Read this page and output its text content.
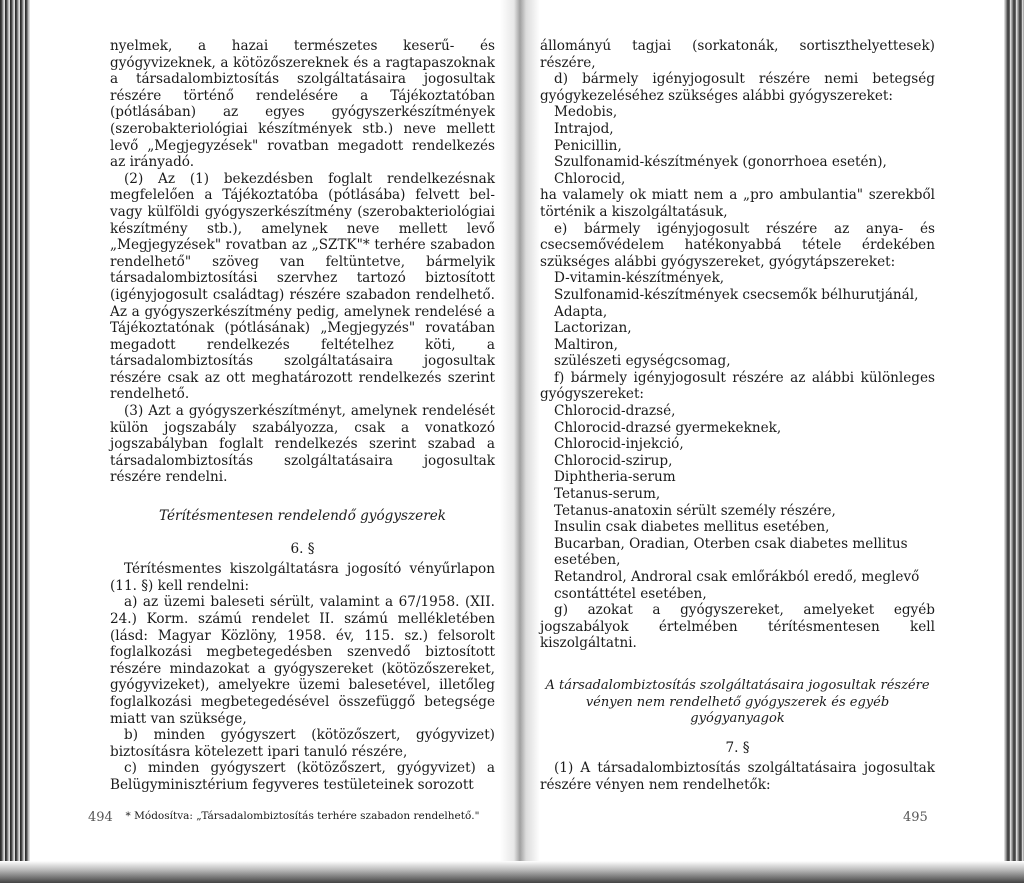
nyelmek, a hazai természetes keserű- és gyógyvizeknek, a kötözőszereknek és a ragtapaszoknak a társadalombiztosítás szolgáltatásaira jogosultak részére történő rendelésére a Tájékoztatóban (pótlásában) az egyes gyógyszerkészítmények (szerobakteriológiai készítmények stb.) neve mellett levő „Megjegyzések" rovatban megadott rendelkezés az irányadó.

(2) Az (1) bekezdésben foglalt rendelkezésnak megfelelően a Tájékoztatóba (pótlásába) felvett bel- vagy külföldi gyógyszerkészítmény (szerobakteriológiai készítmény stb.), amelynek neve mellett levő „Megjegyzések" rovatban az „SZTK"* terhére szabadon rendelhető" szöveg van feltüntetve, bármelyik társadalombiztosítási szervhez tartozó biztosított (igényjogosult családtag) részére szabadon rendelhető. Az a gyógyszerkészítmény pedig, amelynek rendelésé a Tájékoztatónak (pótlásának) „Megjegyzés" rovatában megadott rendelkezés feltételhez köti, a társadalombiztosítás szolgáltatásaira jogosultak részére csak az ott meghatározott rendelkezés szerint rendelhető.

(3) Azt a gyógyszerkészítményt, amelynek rendelését külön jogszabály szabályozza, csak a vonatkozó jogszabályban foglalt rendelkezés szerint szabad a társadalombiztosítás szolgáltatásaira jogosultak részére rendelni.

Térítésmentesen rendelendő gyógyszerek
6. §

Térítésmentes kiszolgáltatásra jogosító vényűrlapon (11. §) kell rendelni:

a) az üzemi baleseti sérült, valamint a 67/1958. (XII. 24.) Korm. számú rendelet II. számú mellékletében (lásd: Magyar Közlöny, 1958. év, 115. sz.) felsorolt foglalkozási megbetegedésben szenvedő biztosított részére mindazokat a gyógyszereket (kötözőszereket, gyógyvizeket), amelyekre üzemi balesetével, illetőleg foglalkozási megbetegedésével összefüggő betegsége miatt van szüksége,

b) minden gyógyszert (kötözőszert, gyógyvizet) biztosításra kötelezett ipari tanuló részére,

c) minden gyógyszert (kötözőszert, gyógyvizet) a Belügyminisztérium fegyveres testületeinek sorozott

* Módosítva: „Társadalombiztosítás terhére szabadon rendelhető."
494

állományú tagjai (sorkatonák, sortiszthelyettesek) részére,

d) bármely igényjogosult részére nemi betegség gyógykezeléséhez szükséges alábbi gyógyszereket:

Medobis,
Intrajod,
Penicillin,
Szulfonamid-készítmények (gonorrhoea esetén),
Chlorocid,

ha valamely ok miatt nem a „pro ambulantia" szerekből történik a kiszolgáltatásuk,

e) bármely igényjogosult részére az anya- és csecsemővédelem hatékonyabbá tétele érdekében szükséges alábbi gyógyszereket, gyógytápszereket:

D-vitamin-készítmények,
Szulfonamid-készítmények csecsemők bélhurutjánál,
Adapta,
Lactorizan,
Maltiron,
szülészeti egységcsomag,

f) bármely igényjogosult részére az alábbi különleges gyógyszereket:

Chlorocid-drazsé,
Chlorocid-drazsé gyermekeknek,
Chlorocid-injekció,
Chlorocid-szirup,
Diphtheria-serum
Tetanus-serum,
Tetanus-anatoxin sérült személy részére,
Insulin csak diabetes mellitus esetében,
Bucarban, Oradian, Oterben csak diabetes mellitus esetében,
Retandrol, Androral csak emlőrákból eredő, meglevő csontáttétel esetében,

g) azokat a gyógyszereket, amelyeket egyéb jogszabályok értelmében térítésmentesen kell kiszolgáltatni.

A társadalombiztosítás szolgáltatásaira jogosultak részére vényen nem rendelhető gyógyszerek és egyéb gyógyanyagok
7. §

(1) A társadalombiztosítás szolgáltatásaira jogosultak részére vényen nem rendelhetők:

495
